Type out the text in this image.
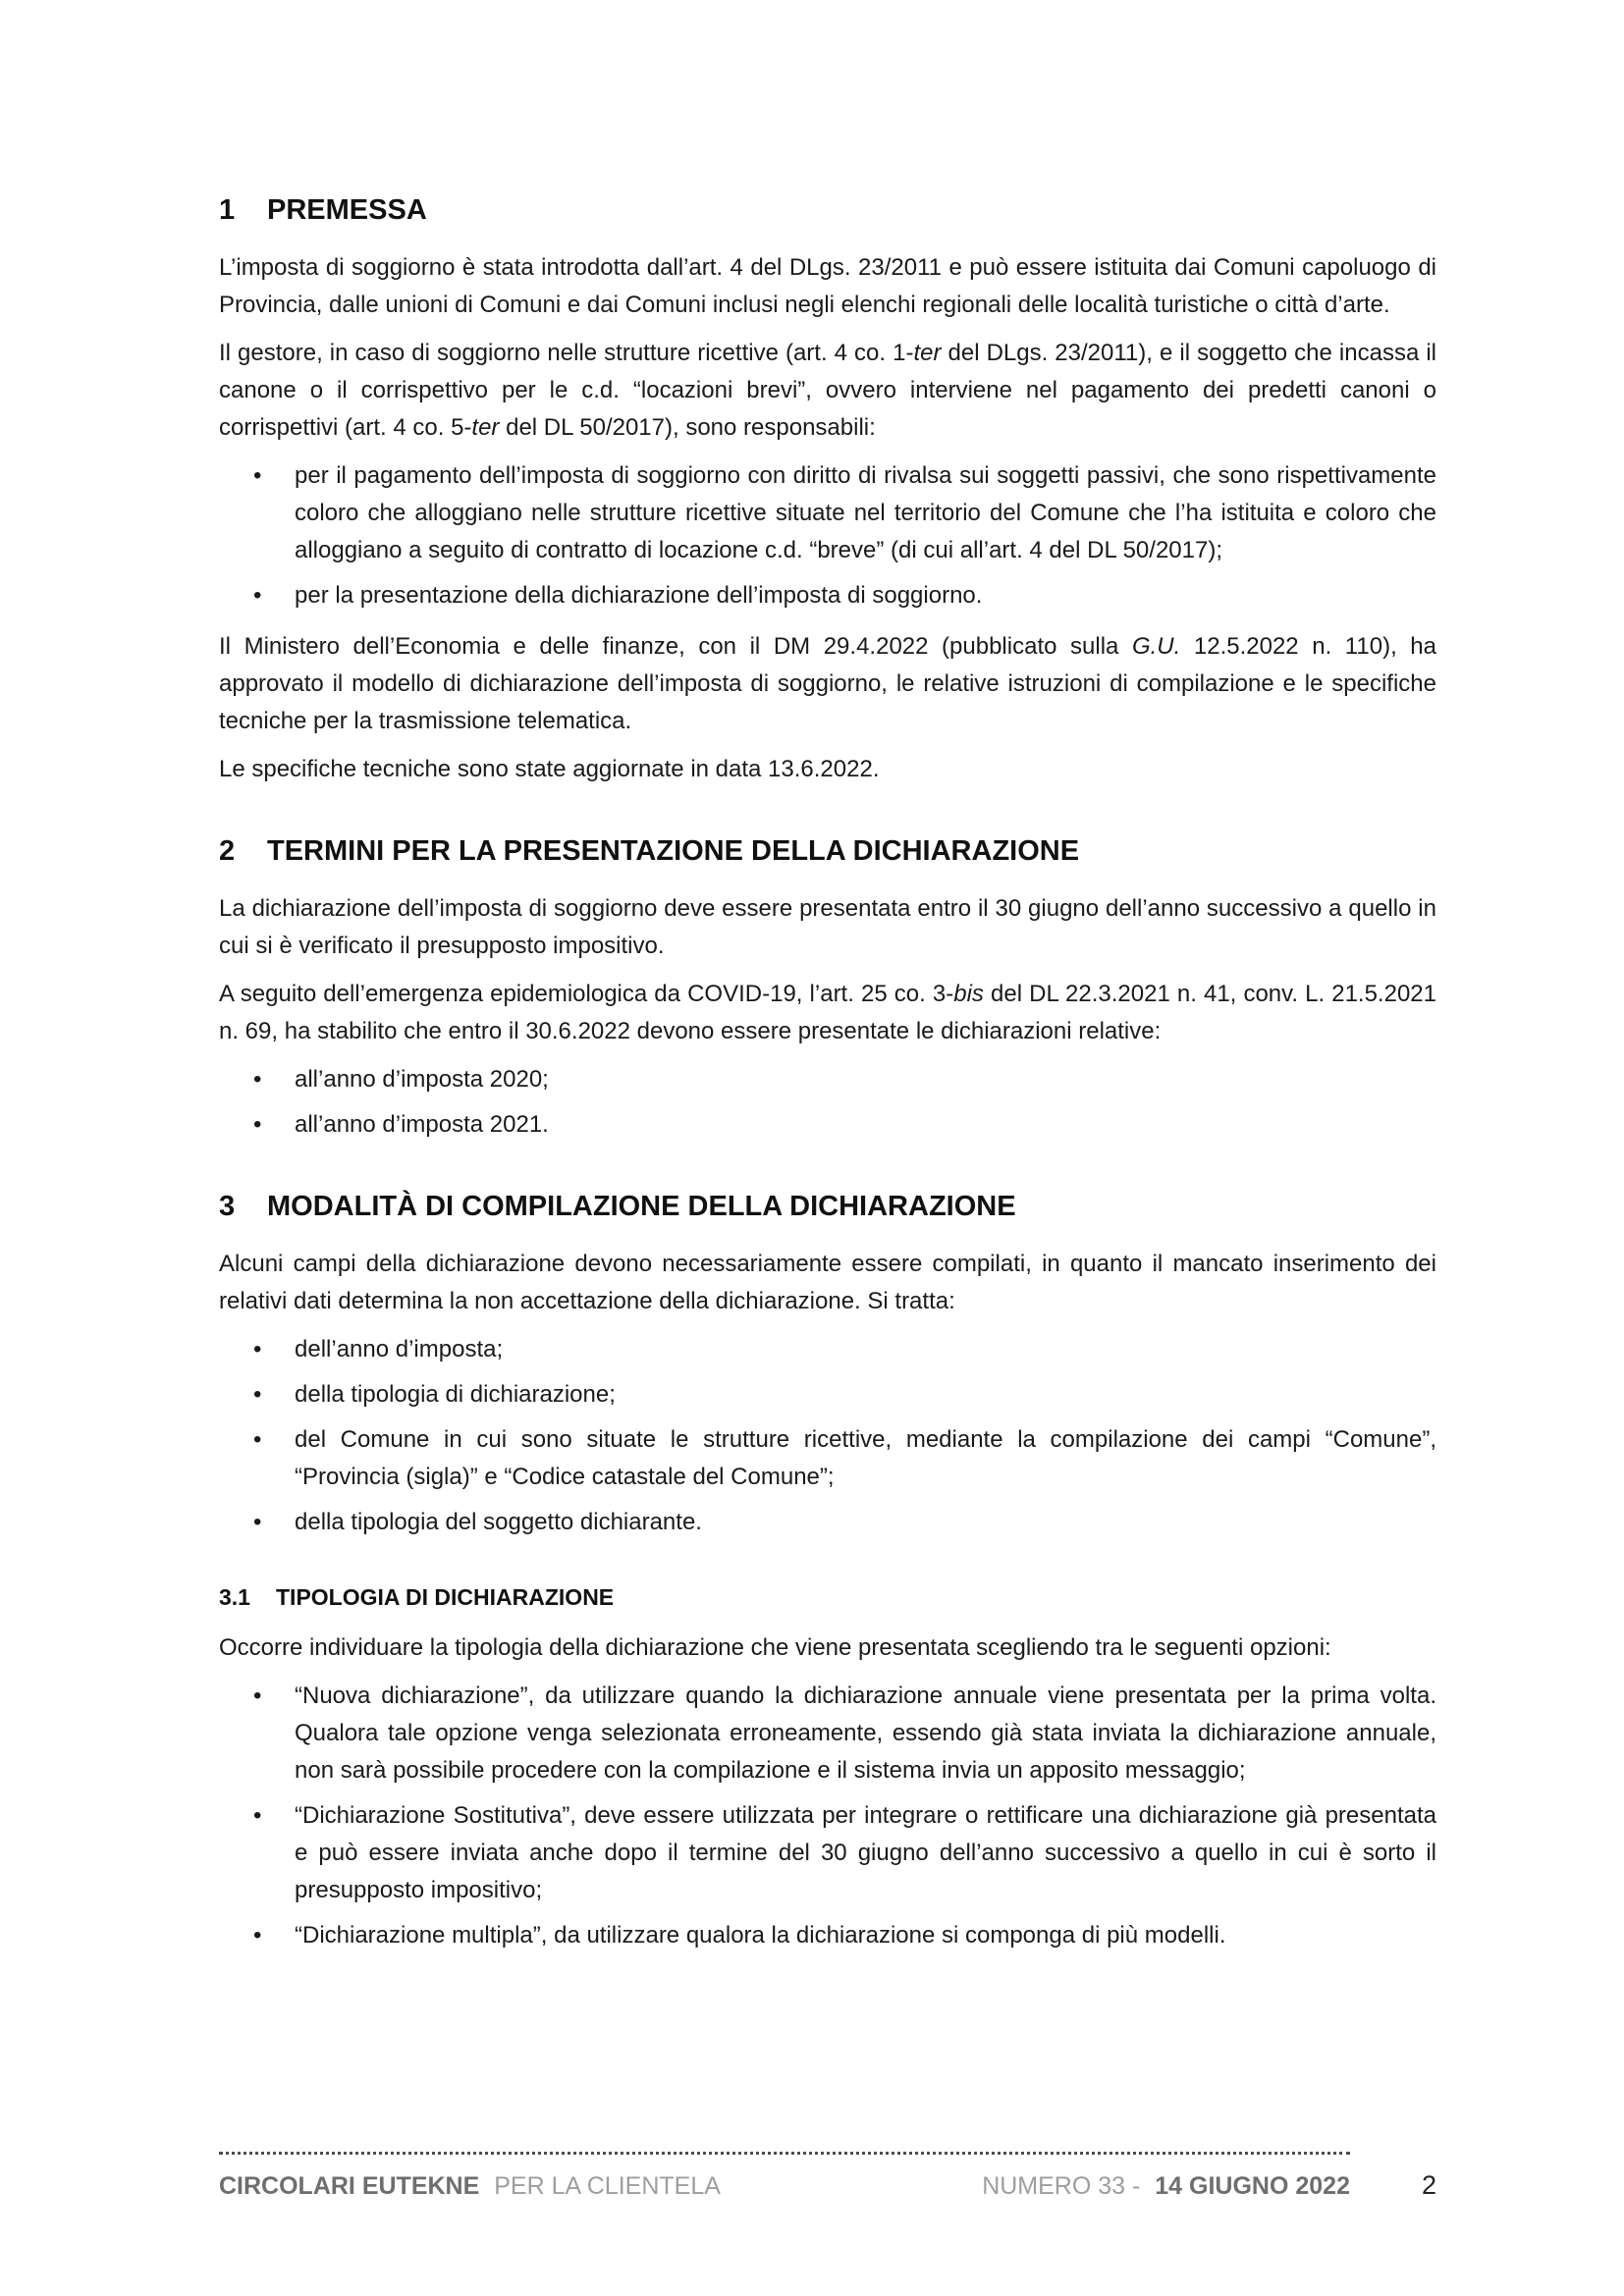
1	PREMESSA

L’imposta di soggiorno è stata introdotta dall’art. 4 del DLgs. 23/2011 e può essere istituita dai Comuni capoluogo di Provincia, dalle unioni di Comuni e dai Comuni inclusi negli elenchi regionali delle località turistiche o città d’arte.

Il gestore, in caso di soggiorno nelle strutture ricettive (art. 4 co. 1-ter del DLgs. 23/2011), e il soggetto che incassa il canone o il corrispettivo per le c.d. “locazioni brevi”, ovvero interviene nel pagamento dei predetti canoni o corrispettivi (art. 4 co. 5-ter del DL 50/2017), sono responsabili:

• per il pagamento dell’imposta di soggiorno con diritto di rivalsa sui soggetti passivi, che sono rispettivamente coloro che alloggiano nelle strutture ricettive situate nel territorio del Comune che l’ha istituita e coloro che alloggiano a seguito di contratto di locazione c.d. “breve” (di cui all’art. 4 del DL 50/2017);
• per la presentazione della dichiarazione dell’imposta di soggiorno.

Il Ministero dell’Economia e delle finanze, con il DM 29.4.2022 (pubblicato sulla G.U. 12.5.2022 n. 110), ha approvato il modello di dichiarazione dell’imposta di soggiorno, le relative istruzioni di compilazione e le specifiche tecniche per la trasmissione telematica.

Le specifiche tecniche sono state aggiornate in data 13.6.2022.

2	TERMINI PER LA PRESENTAZIONE DELLA DICHIARAZIONE

La dichiarazione dell’imposta di soggiorno deve essere presentata entro il 30 giugno dell’anno successivo a quello in cui si è verificato il presupposto impositivo.

A seguito dell’emergenza epidemiologica da COVID-19, l’art. 25 co. 3-bis del DL 22.3.2021 n. 41, conv. L. 21.5.2021 n. 69, ha stabilito che entro il 30.6.2022 devono essere presentate le dichiarazioni relative:

• all’anno d’imposta 2020;
• all’anno d’imposta 2021.
3	MODALITÀ DI COMPILAZIONE DELLA DICHIARAZIONE

Alcuni campi della dichiarazione devono necessariamente essere compilati, in quanto il mancato inserimento dei relativi dati determina la non accettazione della dichiarazione. Si tratta:

• dell’anno d’imposta;
• della tipologia di dichiarazione;
• del Comune in cui sono situate le strutture ricettive, mediante la compilazione dei campi “Comune”, “Provincia (sigla)” e “Codice catastale del Comune”;
• della tipologia del soggetto dichiarante.
3.1	TIPOLOGIA DI DICHIARAZIONE

Occorre individuare la tipologia della dichiarazione che viene presentata scegliendo tra le seguenti opzioni:

• “Nuova dichiarazione”, da utilizzare quando la dichiarazione annuale viene presentata per la prima volta. Qualora tale opzione venga selezionata erroneamente, essendo già stata inviata la dichiarazione annuale, non sarà possibile procedere con la compilazione e il sistema invia un apposito messaggio;
• “Dichiarazione Sostitutiva”, deve essere utilizzata per integrare o rettificare una dichiarazione già presentata e può essere inviata anche dopo il termine del 30 giugno dell’anno successivo a quello in cui è sorto il presupposto impositivo;
• “Dichiarazione multipla”, da utilizzare qualora la dichiarazione si componga di più modelli.
CIRCOLARI EUTEKNE PER LA CLIENTELA	NUMERO 33 - 14 GIUGNO 2022	2
